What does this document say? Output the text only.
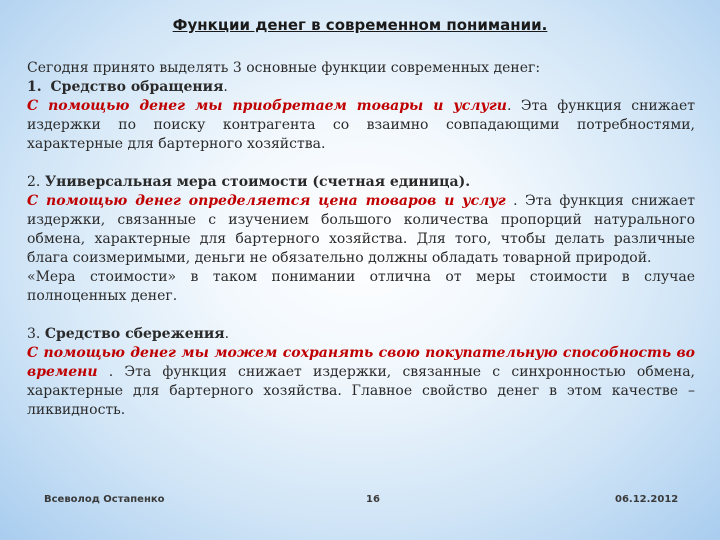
Функции денег в современном понимании.

Сегодня принято выделять 3 основные функции современных денег:

1. Средство обращения.
С помощью денег мы приобретаем товары и услуги. Эта функция снижает издержки по поиску контрагента со взаимно совпадающими потребностями, характерные для бартерного хозяйства.

2. Универсальная мера стоимости (счетная единица).
С помощью денег определяется цена товаров и услуг . Эта функция снижает издержки, связанные с изучением большого количества пропорций натурального обмена, характерные для бартерного хозяйства. Для того, чтобы делать различные блага соизмеримыми, деньги не обязательно должны обладать товарной природой.

«Мера стоимости» в таком понимании отлична от меры стоимости в случае полноценных денег.

3. Средство сбережения.
С помощью денег мы можем сохранять свою покупательную способность во времени . Эта функция снижает издержки, связанные с синхронностью обмена, характерные для бартерного хозяйства. Главное свойство денег в этом качестве – ликвидность.

Всеволод Остапенко	16	06.12.2012
